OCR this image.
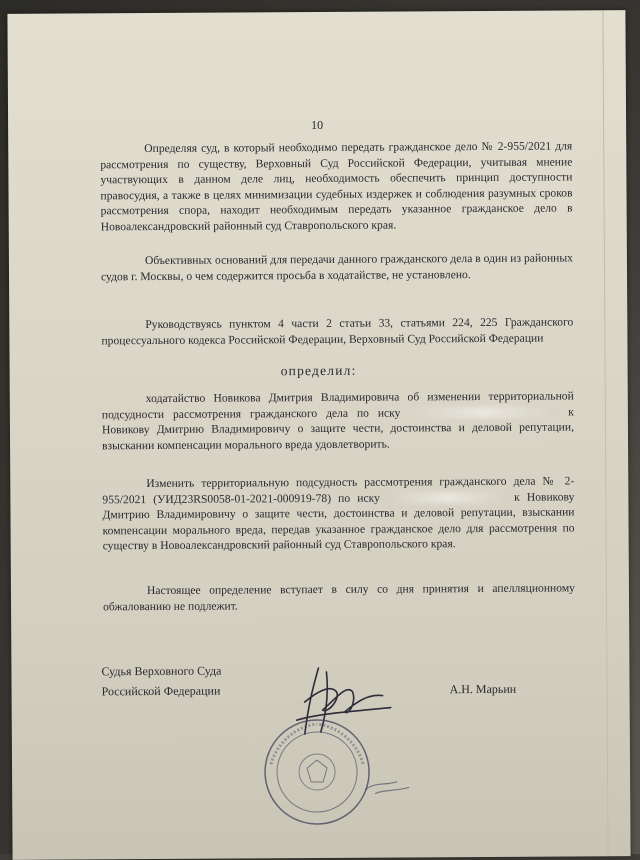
10
Определяя суд, в который необходимо передать гражданское дело № 2-955/2021 для рассмотрения по существу, Верховный Суд Российской Федерации, учитывая мнение участвующих в данном деле лиц, необходимость обеспечить принцип доступности правосудия, а также в целях минимизации судебных издержек и соблюдения разумных сроков рассмотрения спора, находит необходимым передать указанное гражданское дело в Новоалександровский районный суд Ставропольского края.
Объективных оснований для передачи данного гражданского дела в один из районных судов г. Москвы, о чем содержится просьба в ходатайстве, не установлено.
Руководствуясь пунктом 4 части 2 статьи 33, статьями 224, 225 Гражданского процессуального кодекса Российской Федерации, Верховный Суд Российской Федерации
определил:
ходатайство Новикова Дмитрия Владимировича об изменении территориальной подсудности рассмотрения гражданского дела по иску	к Новикову Дмитрию Владимировичу о защите чести, достоинства и деловой репутации, взыскании компенсации морального вреда удовлетворить.
Изменить территориальную подсудность рассмотрения гражданского дела № 2-955/2021 (УИД23RS0058-01-2021-000919-78) по иску	к Новикову Дмитрию Владимировичу о защите чести, достоинства и деловой репутации, взыскании компенсации морального вреда, передав указанное гражданское дело для рассмотрения по существу в Новоалександровский районный суд Ставропольского края.
Настоящее определение вступает в силу со дня принятия и апелляционному обжалованию не подлежит.
Судья Верховного Суда
Российской Федерации	А.Н. Марьин
